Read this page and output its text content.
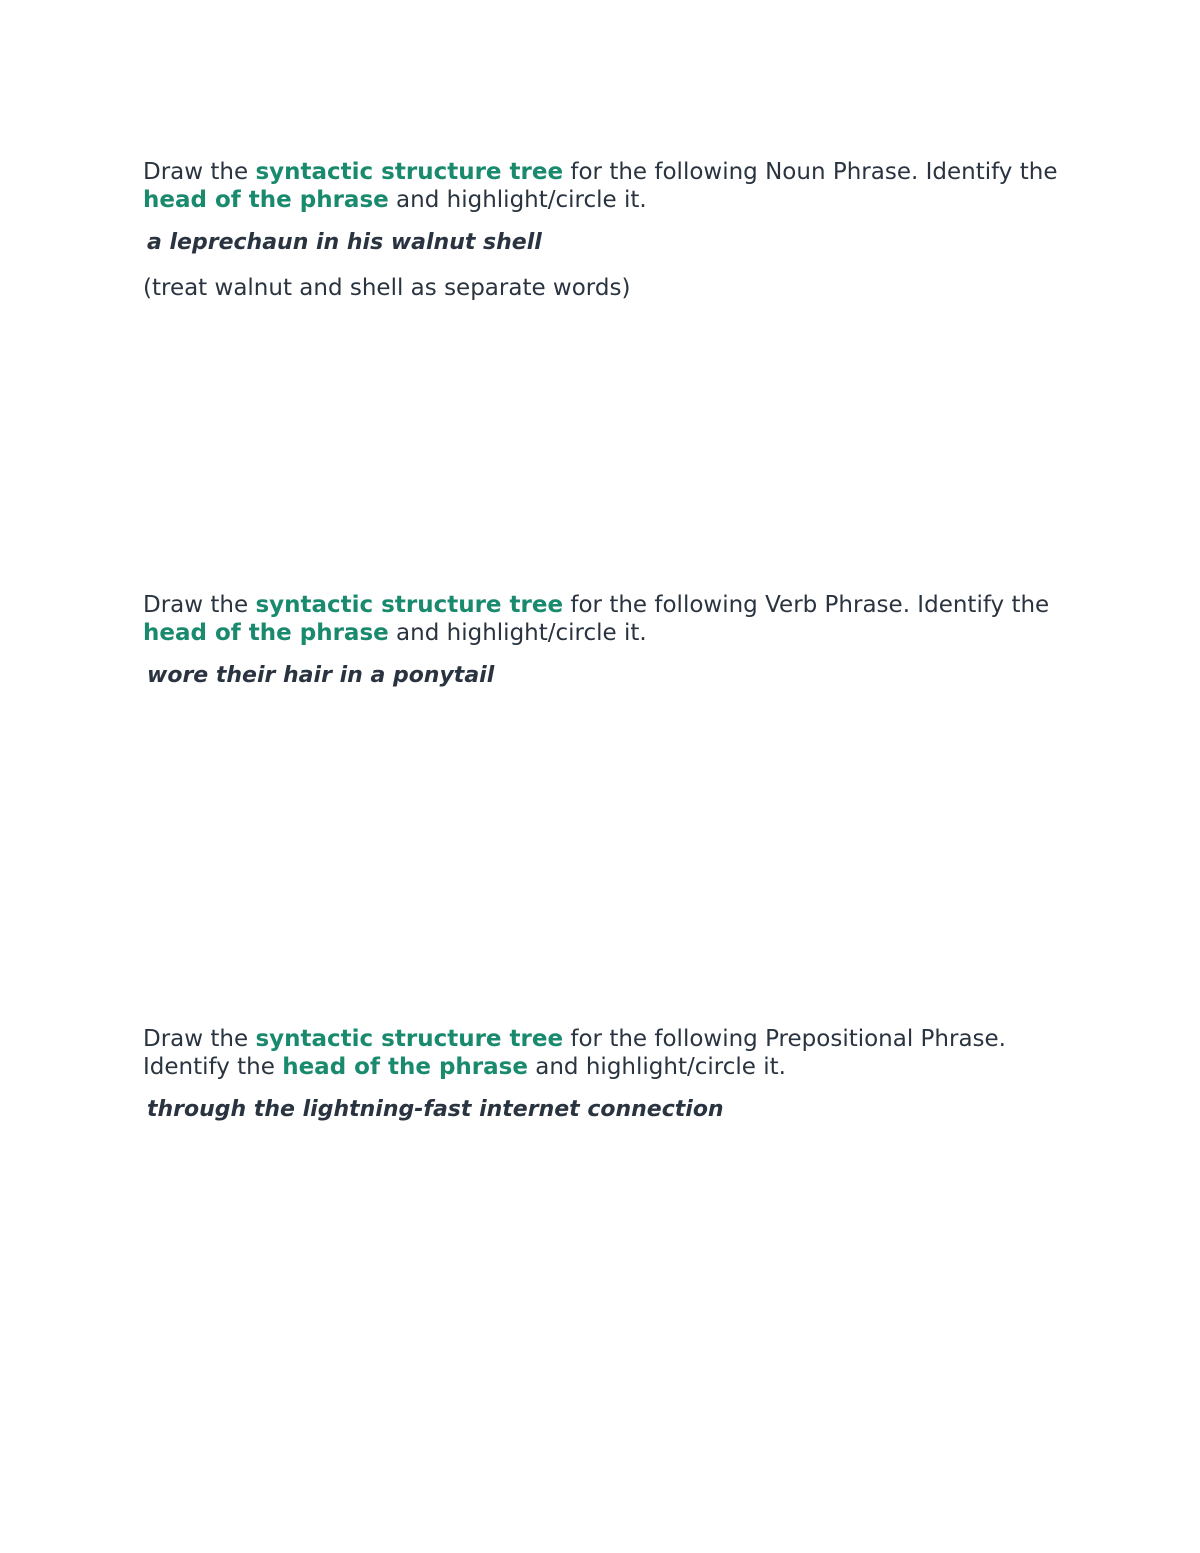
Draw the syntactic structure tree for the following Noun Phrase. Identify the head of the phrase and highlight/circle it.

a leprechaun in his walnut shell

(treat walnut and shell as separate words)

Draw the syntactic structure tree for the following Verb Phrase. Identify the head of the phrase and highlight/circle it.

wore their hair in a ponytail

Draw the syntactic structure tree for the following Prepositional Phrase. Identify the head of the phrase and highlight/circle it.

through the lightning-fast internet connection
